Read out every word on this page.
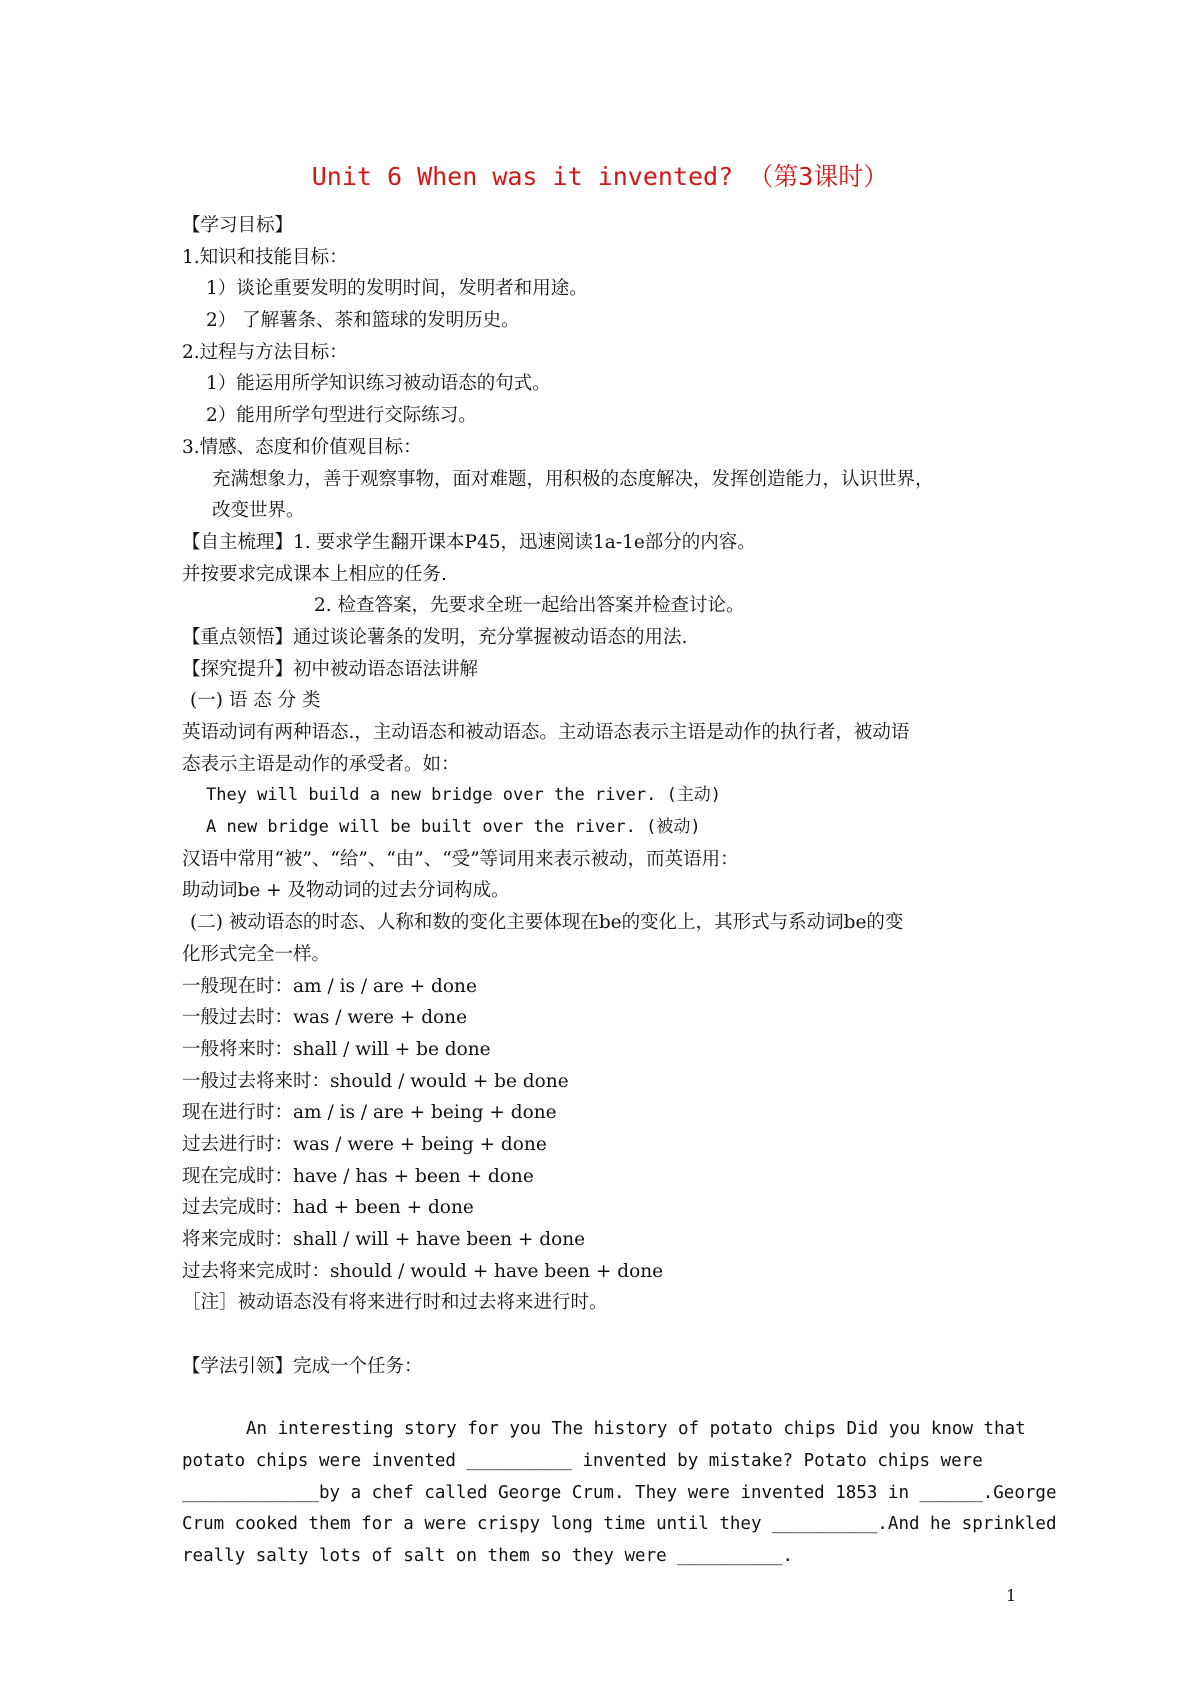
Unit 6 When was it invented? （第3课时）
【学习目标】
1.知识和技能目标：
1）谈论重要发明的发明时间，发明者和用途。
2） 了解薯条、茶和篮球的发明历史。
2.过程与方法目标：
1）能运用所学知识练习被动语态的句式。
2）能用所学句型进行交际练习。
3.情感、态度和价值观目标：
充满想象力，善于观察事物，面对难题，用积极的态度解决，发挥创造能力，认识世界，
改变世界。
【自主梳理】1. 要求学生翻开课本P45，迅速阅读1a-1e部分的内容。
并按要求完成课本上相应的任务.
2. 检查答案，先要求全班一起给出答案并检查讨论。
【重点领悟】通过谈论薯条的发明，充分掌握被动语态的用法.
【探究提升】初中被动语态语法讲解
(一) 语 态 分 类
英语动词有两种语态.，主动语态和被动语态。主动语态表示主语是动作的执行者，被动语
态表示主语是动作的承受者。如：
They will build a new bridge over the river. (主动)
A new bridge will be built over the river. (被动)
汉语中常用“被”、“给”、“由”、“受”等词用来表示被动，而英语用：
助动词be + 及物动词的过去分词构成。
(二) 被动语态的时态、人称和数的变化主要体现在be的变化上，其形式与系动词be的变
化形式完全一样。
一般现在时：am / is / are + done
一般过去时：was / were + done
一般将来时：shall / will + be done
一般过去将来时：should / would + be done
现在进行时：am / is / are + being + done
过去进行时：was / were + being + done
现在完成时：have / has + been + done
过去完成时：had + been + done
将来完成时：shall / will + have been + done
过去将来完成时：should / would + have been + done
［注］被动语态没有将来进行时和过去将来进行时。
【学法引领】完成一个任务：
An interesting story for you The history of potato chips Did you know that
potato chips were invented __________ invented by mistake? Potato chips were
_____________by a chef called George Crum. They were invented 1853 in ______.George
Crum cooked them for a were crispy long time until they __________.And he sprinkled
really salty lots of salt on them so they were __________.
1
